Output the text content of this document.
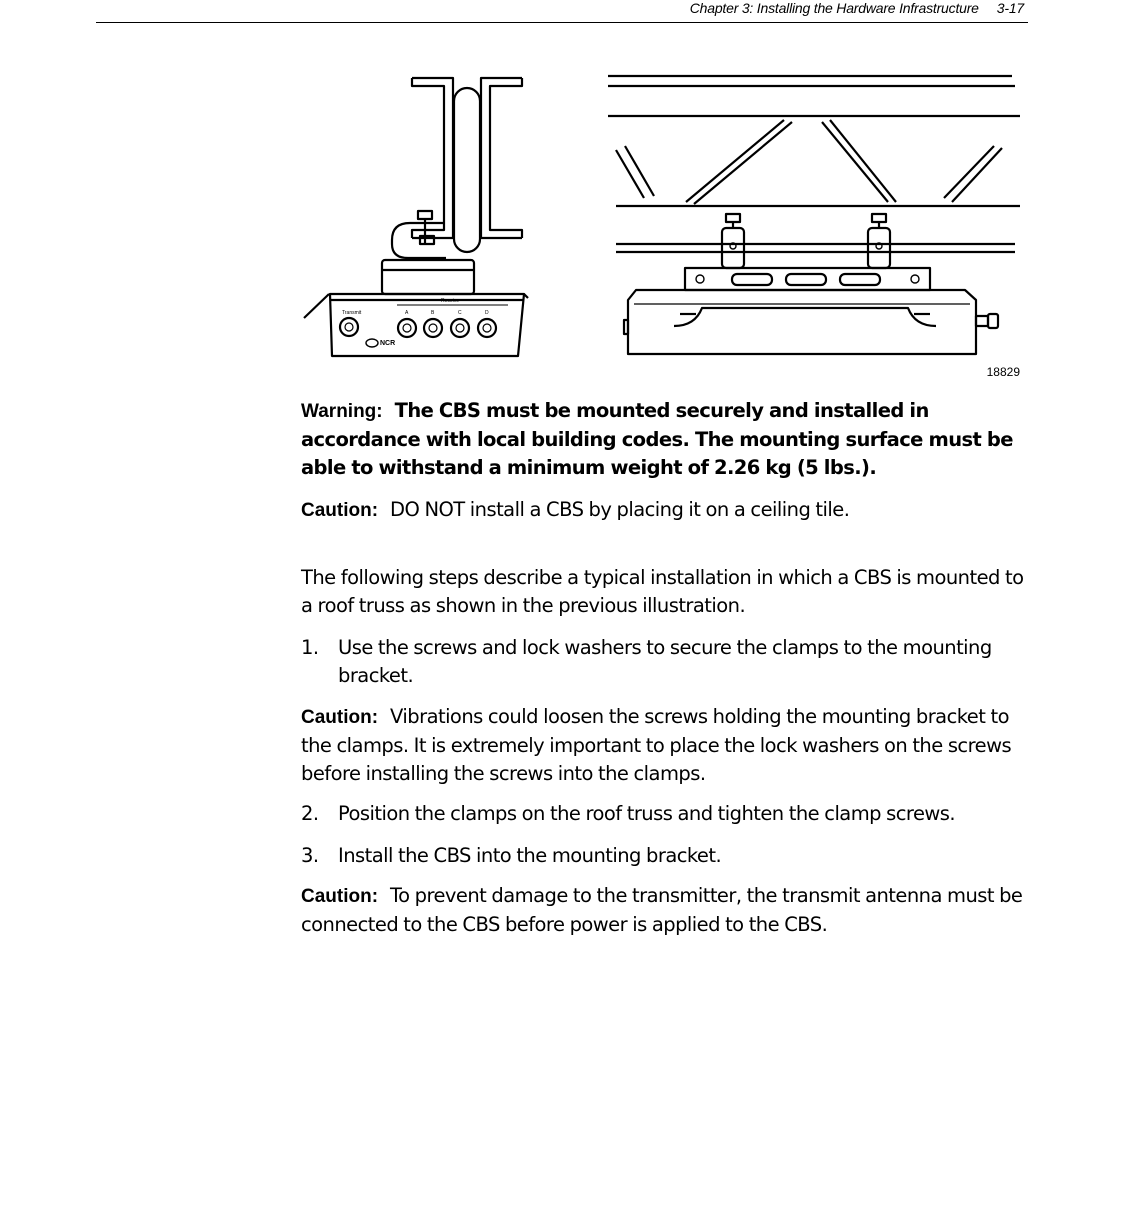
Chapter 3: Installing the Hardware Infrastructure 3-17
Transmit
Receive
A	B	C	D
NCR
18829
Warning: The CBS must be mounted securely and installed in accordance with local building codes. The mounting surface must be able to withstand a minimum weight of 2.26 kg (5 lbs.).
Caution: DO NOT install a CBS by placing it on a ceiling tile.
The following steps describe a typical installation in which a CBS is mounted to a roof truss as shown in the previous illustration.
1. Use the screws and lock washers to secure the clamps to the mounting bracket.
Caution: Vibrations could loosen the screws holding the mounting bracket to the clamps. It is extremely important to place the lock washers on the screws before installing the screws into the clamps.
2. Position the clamps on the roof truss and tighten the clamp screws.
3. Install the CBS into the mounting bracket.
Caution: To prevent damage to the transmitter, the transmit antenna must be connected to the CBS before power is applied to the CBS.
